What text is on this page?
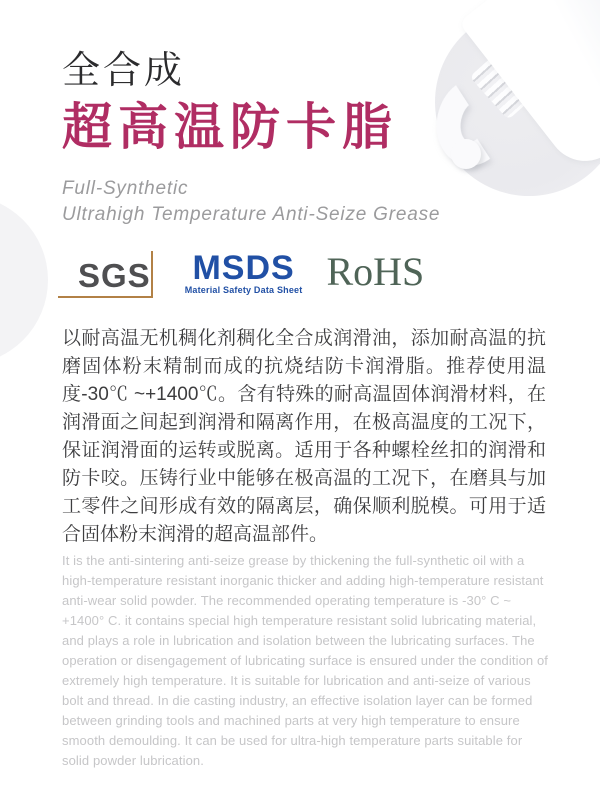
全合成
超高温防卡脂

Full-Synthetic
Ultrahigh Temperature Anti-Seize Grease

SGS MSDS
Material Safety Data Sheet RoHS

以耐高温无机稠化剂稠化全合成润滑油，添加耐高温的抗磨固体粉末精制而成的抗烧结防卡润滑脂。推荐使用温度-30℃ ~+1400℃。含有特殊的耐高温固体润滑材料，在润滑面之间起到润滑和隔离作用，在极高温度的工况下，保证润滑面的运转或脱离。适用于各种螺栓丝扣的润滑和防卡咬。压铸行业中能够在极高温的工况下，在磨具与加工零件之间形成有效的隔离层，确保顺利脱模。可用于适合固体粉末润滑的超高温部件。

It is the anti-sintering anti-seize grease by thickening the full-synthetic oil with a high-temperature resistant inorganic thicker and adding high-temperature resistant anti-wear solid powder. The recommended operating temperature is -30° C ~ +1400° C. it contains special high temperature resistant solid lubricating material, and plays a role in lubrication and isolation between the lubricating surfaces. The operation or disengagement of lubricating surface is ensured under the condition of extremely high temperature. It is suitable for lubrication and anti-seize of various bolt and thread. In die casting industry, an effective isolation layer can be formed between grinding tools and machined parts at very high temperature to ensure smooth demoulding. It can be used for ultra-high temperature parts suitable for solid powder lubrication.
